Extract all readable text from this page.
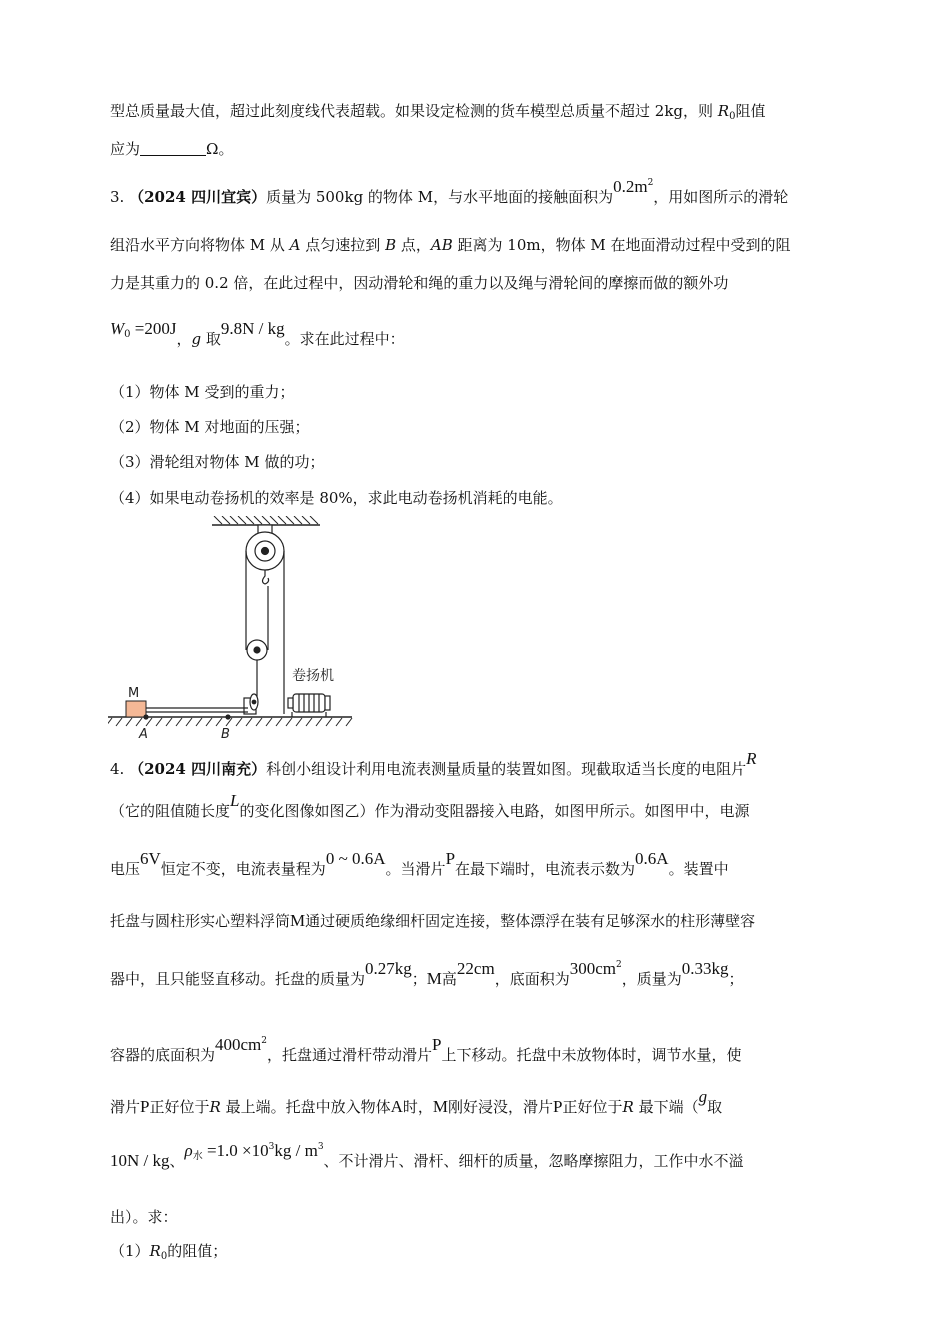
型总质量最大值，超过此刻度线代表超载。如果设定检测的货车模型总质量不超过 2kg，则 $R_0$阻值
应为	Ω。
3. （2024 四川宜宾）质量为 500kg 的物体 M，与水平地面的接触面积为$0.2m^2$，用如图所示的滑轮
组沿水平方向将物体 M 从 A 点匀速拉到 B 点，AB 距离为 10m，物体 M 在地面滑动过程中受到的阻
力是其重力的 0.2 倍，在此过程中，因动滑轮和绳的重力以及绳与滑轮间的摩擦而做的额外功
$W^0 =200J$，g 取9.8N / kg。求在此过程中：
（1）物体 M 受到的重力；
（2）物体 M 对地面的压强；
（3）滑轮组对物体 M 做的功；
（4）如果电动卷扬机的效率是 80%，求此电动卷扬机消耗的电能。
卷扬机
M
A	B
4. （2024 四川南充）科创小组设计利用电流表测量质量的装置如图。现截取适当长度的电阻片R
（它的阻值随长度L的变化图像如图乙）作为滑动变阻器接入电路，如图甲所示。如图甲中，电源
电压6V恒定不变，电流表量程为0 ~ 0.6A。当滑片P在最下端时，电流表示数为0.6A。装置中
托盘与圆柱形实心塑料浮筒M通过硬质绝缘细杆固定连接，整体漂浮在装有足够深水的柱形薄壁容
器中，且只能竖直移动。托盘的质量为0.27kg；M高22cm，底面积为$300cm^2$，质量为0.33kg；
容器的底面积为$400cm^2$，托盘通过滑杆带动滑片P上下移动。托盘中未放物体时，调节水量，使
滑片P正好位于R 最上端。托盘中放入物体A时，M刚好浸没，滑片P正好位于R 最下端（g取
10N / kg、$\rho^水 =1.0 \times 10^3kg / m^3$、不计滑片、滑杆、细杆的质量，忽略摩擦阻力，工作中水不溢
出）。求：
$(1)R_0$的阻值；
